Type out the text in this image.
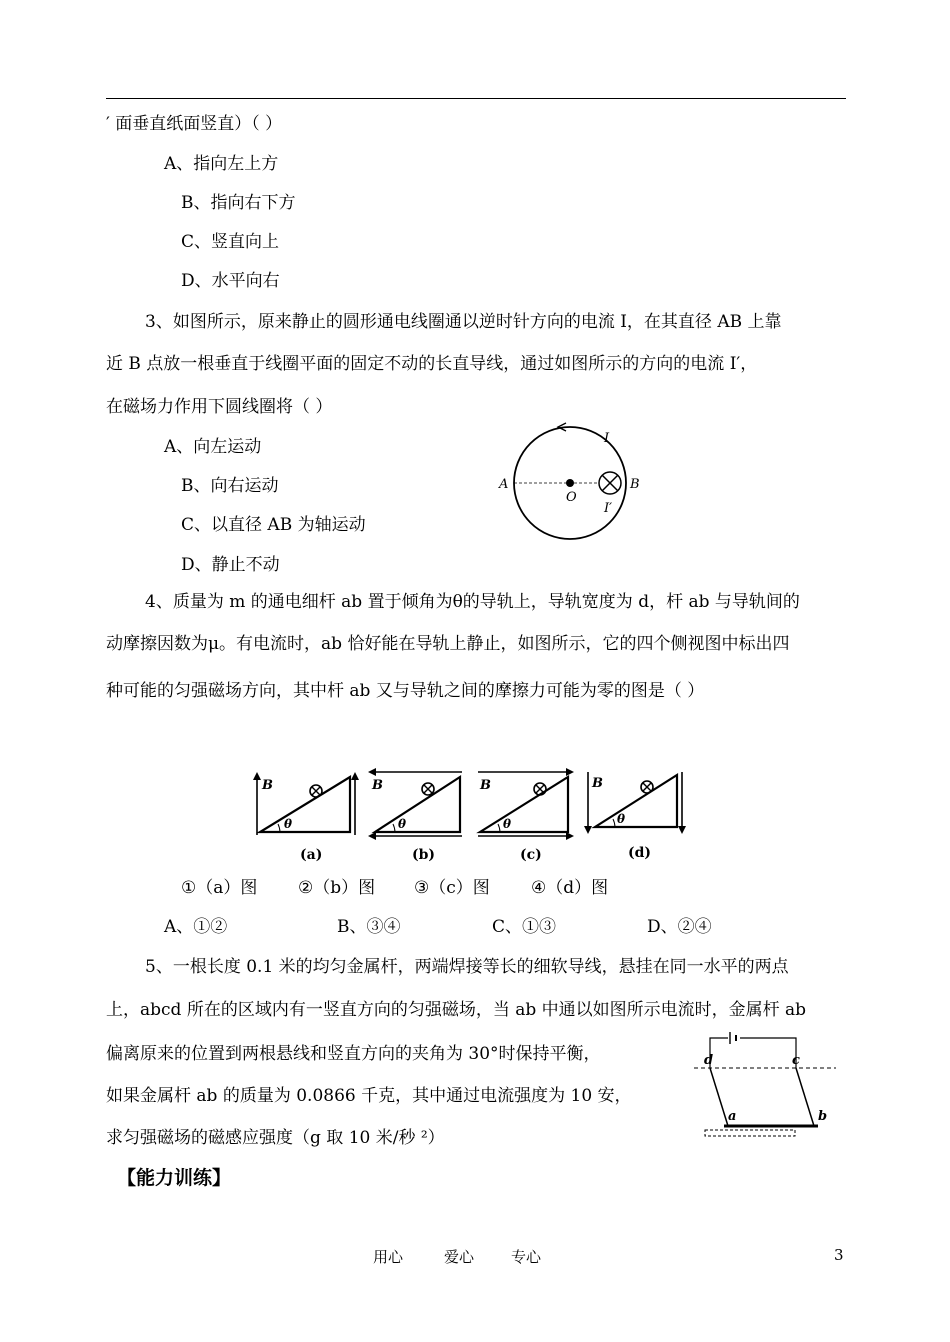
′ 面垂直纸面竖直）（ ）
A、指向左上方
B、指向右下方
C、竖直向上
D、水平向右
3、如图所示，原来静止的圆形通电线圈通以逆时针方向的电流 I，在其直径 AB 上靠
近 B 点放一根垂直于线圈平面的固定不动的长直导线，通过如图所示的方向的电流 I′，
在磁场力作用下圆线圈将（ ）
A、向左运动
B、向右运动
C、以直径 AB 为轴运动
D、静止不动
A	B
O
I
I′
4、质量为 m 的通电细杆 ab 置于倾角为θ的导轨上，导轨宽度为 d，杆 ab 与导轨间的
动摩擦因数为μ。有电流时，ab 恰好能在导轨上静止，如图所示，它的四个侧视图中标出四
种可能的匀强磁场方向，其中杆 ab 又与导轨之间的摩擦力可能为零的图是（ ）
B
θ
(a)
B
θ
(b)
B
θ
(c)
B
θ
(d)
①（a）图 ②（b）图 ③（c）图 ④（d）图
A、①②	B、③④	C、①③	D、②④
5、一根长度 0.1 米的均匀金属杆，两端焊接等长的细软导线，悬挂在同一水平的两点
上，abcd 所在的区域内有一竖直方向的匀强磁场，当 ab 中通以如图所示电流时，金属杆 ab
偏离原来的位置到两根悬线和竖直方向的夹角为 30°时保持平衡，
如果金属杆 ab 的质量为 0.0866 千克，其中通过电流强度为 10 安，
求匀强磁场的磁感应强度（g 取 10 米/秒 ²）
d	c
a	b
【能力训练】
用心	爱心 专心	3
